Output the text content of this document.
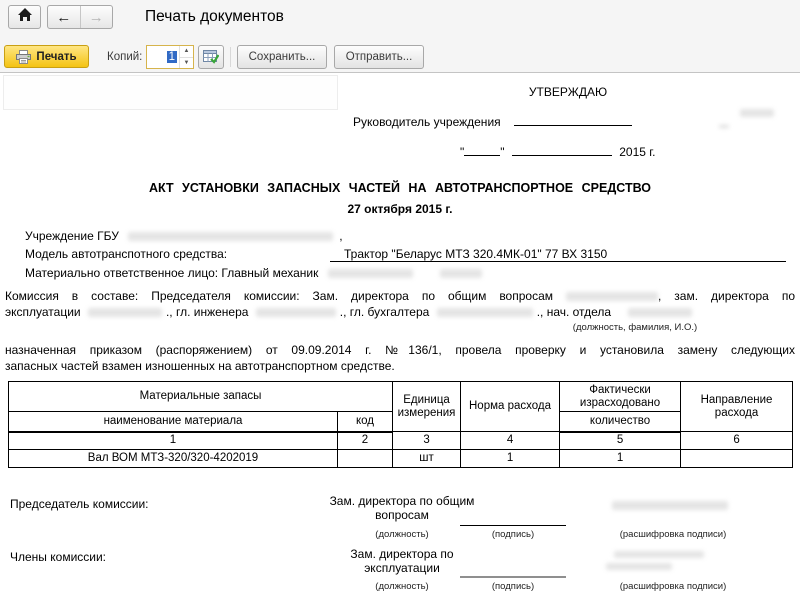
← →	Печать документов
Печать	Копий: 1	▲
▼	Сохранить...	Отправить...
УТВЕРЖДАЮ
Руководитель учреждения
"	"	2015 г.
АКТ УСТАНОВКИ ЗАПАСНЫХ ЧАСТЕЙ НА АВТОТРАНСПОРТНОЕ СРЕДСТВО
27 октября 2015 г.
Учреждение ГБУ	,
Модель автотранспотного средства:	Трактор "Беларус МТЗ 320.4МК-01" 77 ВХ 3150
Материально ответственное лицо: Главный механик
Комиссия в составе: Председателя комиссии: Зам. директора по общим вопросам	, зам. директора по
эксплуатации	., гл. инженера	., гл. бухгалтера	., нач. отдела
(должность, фамилия, И.О.)
назначенная приказом (распоряжением) от 09.09.2014 г. №136/1, провела проверку и установила замену следующих
запасных частей взамен изношенных на автотранспортном средстве.
Материальные запасы		Единица измерения	Норма расхода	Фактически израсходовано	Направление расхода
наименование материала	код			количество	
1	2	3	4	5	6
Вал ВОМ МТЗ-320/320-4202019		шт	1	1	
Председатель комиссии:	Зам. директора по общим вопросам
(должность)	(подпись)	(расшифровка подписи)
Члены комиссии:	Зам. директора по эксплуатации
(должность)	(подпись)	(расшифровка подписи)
